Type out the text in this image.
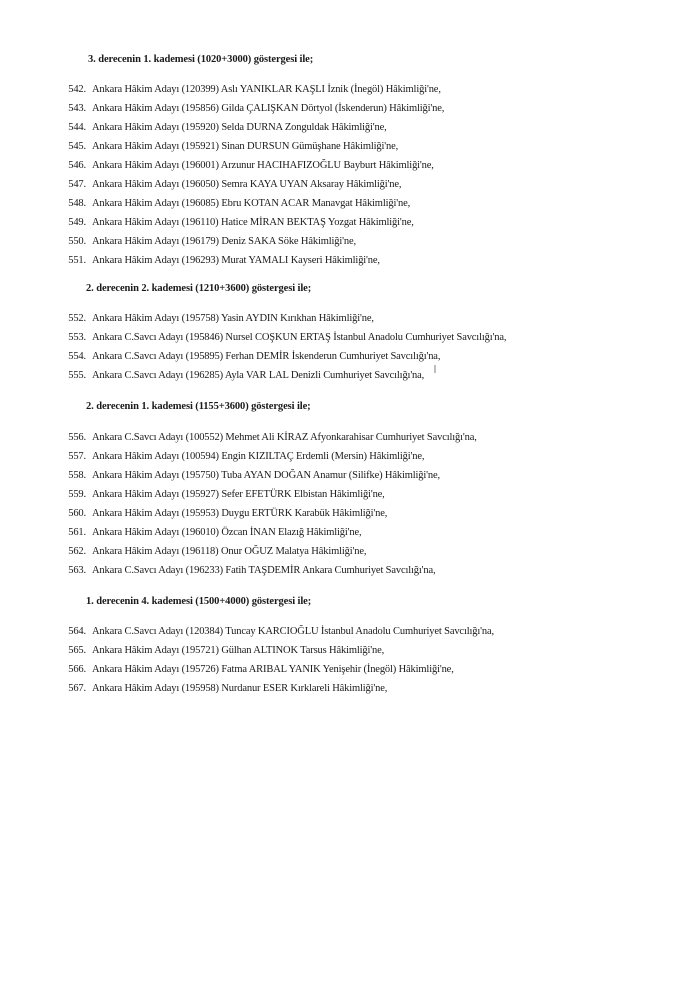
3. derecenin 1. kademesi (1020+3000) göstergesi ile;
542. Ankara Hâkim Adayı (120399) Aslı YANIKLAR KAŞLI İznik (İnegöl) Hâkimliği'ne,
543. Ankara Hâkim Adayı (195856) Gilda ÇALIŞKAN Dörtyol (İskenderun) Hâkimliği'ne,
544. Ankara Hâkim Adayı (195920) Selda DURNA Zonguldak Hâkimliği'ne,
545. Ankara Hâkim Adayı (195921) Sinan DURSUN Gümüşhane Hâkimliği'ne,
546. Ankara Hâkim Adayı (196001) Arzunur HACIHAFIZOĞLU Bayburt Hâkimliği'ne,
547. Ankara Hâkim Adayı (196050) Semra KAYA UYAN Aksaray Hâkimliği'ne,
548. Ankara Hâkim Adayı (196085) Ebru KOTAN ACAR Manavgat Hâkimliği'ne,
549. Ankara Hâkim Adayı (196110) Hatice MİRAN BEKTAŞ Yozgat Hâkimliği'ne,
550. Ankara Hâkim Adayı (196179) Deniz SAKA Söke Hâkimliği'ne,
551. Ankara Hâkim Adayı (196293) Murat YAMALI Kayseri Hâkimliği'ne,
2. derecenin 2. kademesi (1210+3600) göstergesi ile;
552. Ankara Hâkim Adayı (195758) Yasin AYDIN Kırıkhan Hâkimliği'ne,
553. Ankara C.Savcı Adayı (195846) Nursel COŞKUN ERTAŞ İstanbul Anadolu Cumhuriyet Savcılığı'na,
554. Ankara C.Savcı Adayı (195895) Ferhan DEMİR İskenderun Cumhuriyet Savcılığı'na,
555. Ankara C.Savcı Adayı (196285) Ayla VAR LAL Denizli Cumhuriyet Savcılığı'na,
2. derecenin 1. kademesi (1155+3600) göstergesi ile;
556. Ankara C.Savcı Adayı (100552) Mehmet Ali KİRAZ Afyonkarahisar Cumhuriyet Savcılığı'na,
557. Ankara Hâkim Adayı (100594) Engin KIZILTAÇ Erdemli (Mersin) Hâkimliği'ne,
558. Ankara Hâkim Adayı (195750) Tuba AYAN DOĞAN Anamur (Silifke) Hâkimliği'ne,
559. Ankara Hâkim Adayı (195927) Sefer EFETÜRK Elbistan Hâkimliği'ne,
560. Ankara Hâkim Adayı (195953) Duygu ERTÜRK Karabük Hâkimliği'ne,
561. Ankara Hâkim Adayı (196010) Özcan İNAN Elazığ Hâkimliği'ne,
562. Ankara Hâkim Adayı (196118) Onur OĞUZ Malatya Hâkimliği'ne,
563. Ankara C.Savcı Adayı (196233) Fatih TAŞDEMİR Ankara Cumhuriyet Savcılığı'na,
1. derecenin 4. kademesi (1500+4000) göstergesi ile;
564. Ankara C.Savcı Adayı (120384) Tuncay KARCIOĞLU İstanbul Anadolu Cumhuriyet Savcılığı'na,
565. Ankara Hâkim Adayı (195721) Gülhan ALTINOK Tarsus Hâkimliği'ne,
566. Ankara Hâkim Adayı (195726) Fatma ARIBAL YANIK Yenişehir (İnegöl) Hâkimliği'ne,
567. Ankara Hâkim Adayı (195958) Nurdanur ESER Kırklareli Hâkimliği'ne,
